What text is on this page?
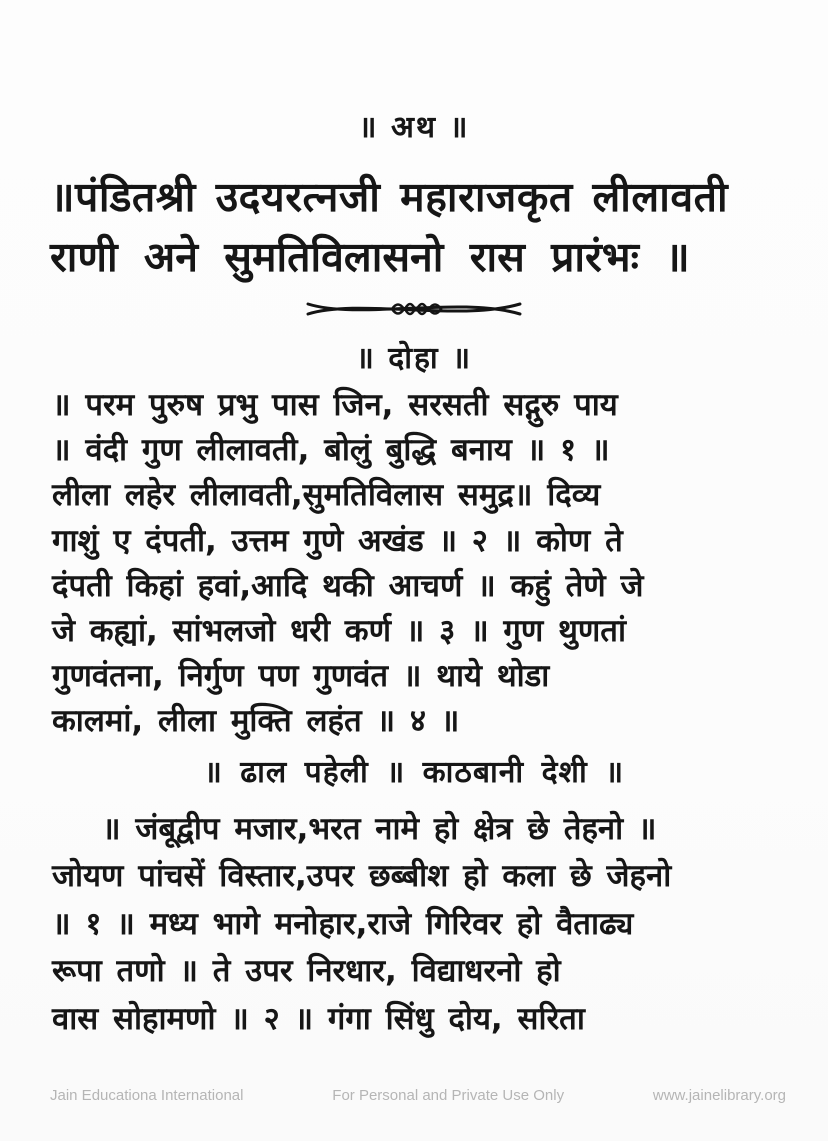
॥ अथ ॥
॥पंडितश्री उदयरत्नजी महाराजकृत लीलावती
राणी अने सुमतिविलासनो रास प्रारंभः ॥
॥ दोहा ॥
॥ परम पुरुष प्रभु पास जिन, सरसती सद्गुरु पाय
॥ वंदी गुण लीलावती, बोलुं बुद्धि बनाय ॥ १ ॥
लीला लहेर लीलावती,सुमतिविलास समुद्र॥ दिव्य
गाशुं ए दंपती, उत्तम गुणे अखंड ॥ २ ॥ कोण ते
दंपती किहां हवां,आदि थकी आचर्ण ॥ कहुं तेणे जे
जे कह्यां, सांभलजो धरी कर्ण ॥ ३ ॥ गुण थुणतां
गुणवंतना, निर्गुण पण गुणवंत ॥ थाये थोडा
कालमां, लीला मुक्ति लहंत ॥ ४ ॥
॥ ढाल पहेली ॥ काठबानी देशी ॥
॥ जंबूद्वीप मजार,भरत नामे हो क्षेत्र छे तेहनो ॥
जोयण पांचसें विस्तार,उपर छब्बीश हो कला छे जेहनो
॥ १ ॥ मध्य भागे मनोहार,राजे गिरिवर हो वैताढ्य
रूपा तणो ॥ ते उपर निरधार, विद्याधरनो हो
वास सोहामणो ॥ २ ॥ गंगा सिंधु दोय, सरिता
Jain Educationa International	For Personal and Private Use Only	www.jainelibrary.org
